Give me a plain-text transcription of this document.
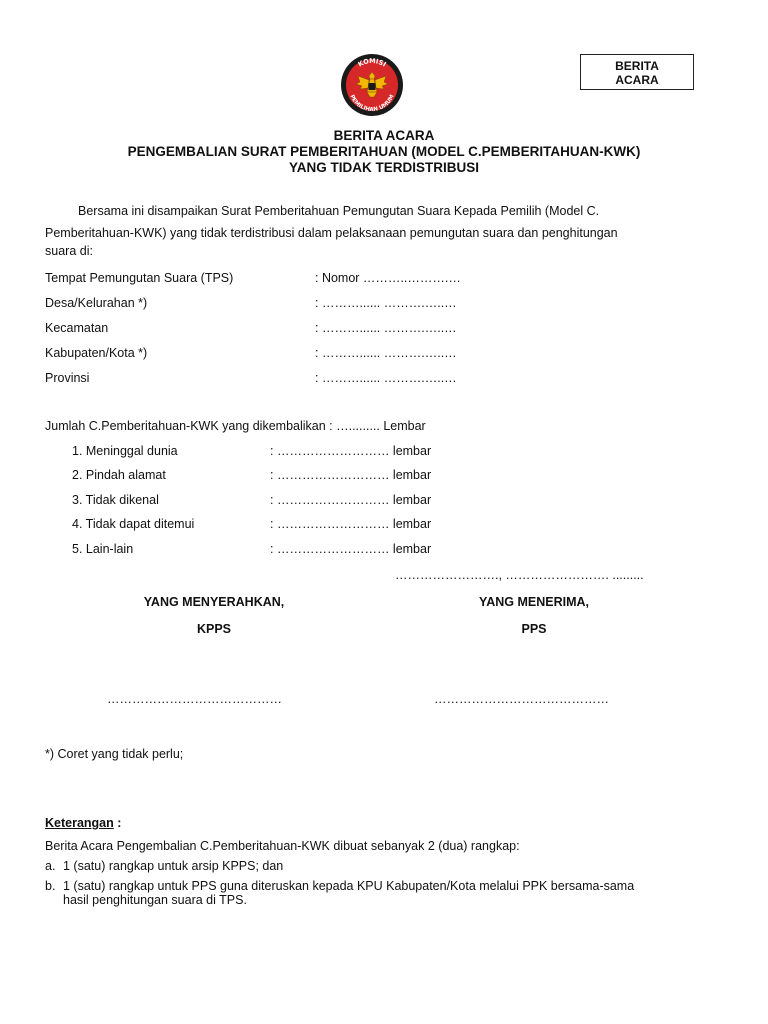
BERITA
ACARA
KOMISI
PEMILIHAN UMUM
BERITA ACARA
PENGEMBALIAN SURAT PEMBERITAHUAN (MODEL C.PEMBERITAHUAN-KWK)
YANG TIDAK TERDISTRIBUSI
Bersama ini disampaikan Surat Pemberitahuan Pemungutan Suara Kepada Pemilih (Model C.
Pemberitahuan-KWK) yang tidak terdistribusi dalam pelaksanaan pemungutan suara dan penghitungan
suara di:
Tempat Pemungutan Suara (TPS)	: Nomor ………..……….…
Desa/Kelurahan *)	: ………...... ……….…..…
Kecamatan	: ………...... ……….…..…
Kabupaten/Kota *)	: ………...... ……….…..…
Provinsi	: ………...... ……….…..…
Jumlah C.Pemberitahuan-KWK yang dikembalikan : …......... Lembar
1. Meninggal dunia	: ……………………… lembar
2. Pindah alamat	: ……………………… lembar
3. Tidak dikenal	: ……………………… lembar
4. Tidak dapat ditemui	: ……………………… lembar
5. Lain-lain	: ……………………… lembar
……………………., ……………………. .........
YANG MENYERAHKAN,
KPPS
YANG MENERIMA,
PPS
……………………………………	……………………………………
*) Coret yang tidak perlu;
Keterangan :
Berita Acara Pengembalian C.Pemberitahuan-KWK dibuat sebanyak 2 (dua) rangkap:
a. 1 (satu) rangkap untuk arsip KPPS; dan
b. 1 (satu) rangkap untuk PPS guna diteruskan kepada KPU Kabupaten/Kota melalui PPK bersama-sama
hasil penghitungan suara di TPS.
